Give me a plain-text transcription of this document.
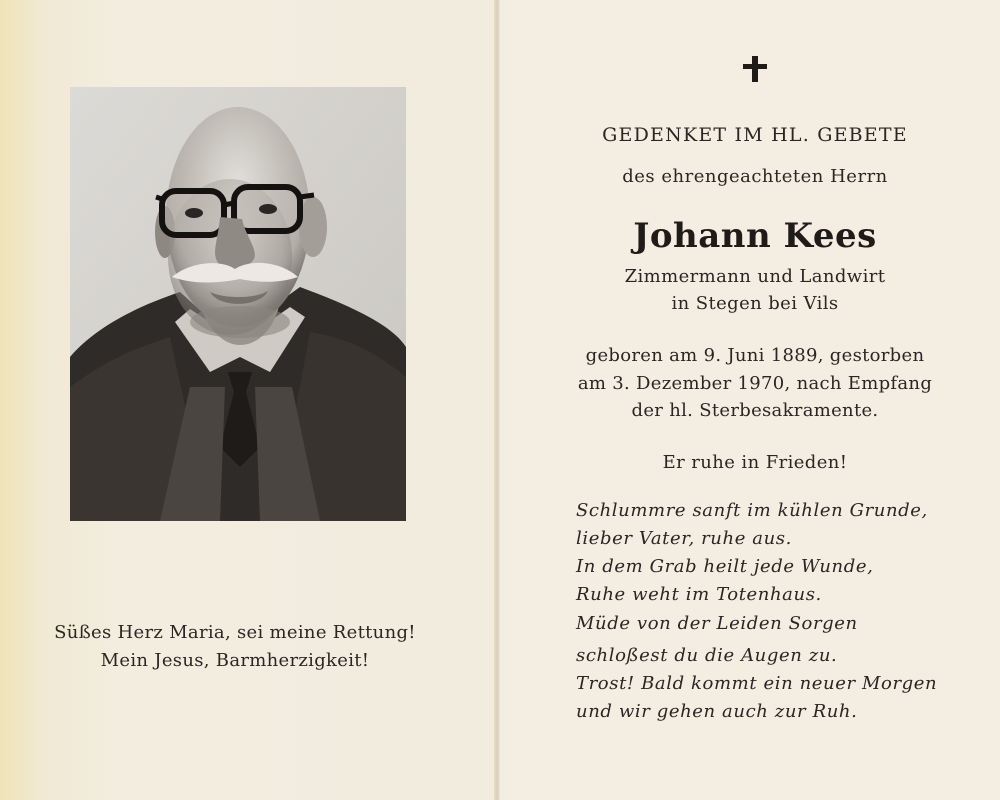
Süßes Herz Maria, sei meine Rettung!
Mein Jesus, Barmherzigkeit!
GEDENKET IM HL. GEBETE
des ehrengeachteten Herrn
Johann Kees
Zimmermann und Landwirt
in Stegen bei Vils
geboren am 9. Juni 1889, gestorben
am 3. Dezember 1970, nach Empfang
der hl. Sterbesakramente.
Er ruhe in Frieden!
Schlummre sanft im kühlen Grunde,
lieber Vater, ruhe aus.
In dem Grab heilt jede Wunde,
Ruhe weht im Totenhaus.
Müde von der Leiden Sorgen
schloßest du die Augen zu.
Trost! Bald kommt ein neuer Morgen
und wir gehen auch zur Ruh.
